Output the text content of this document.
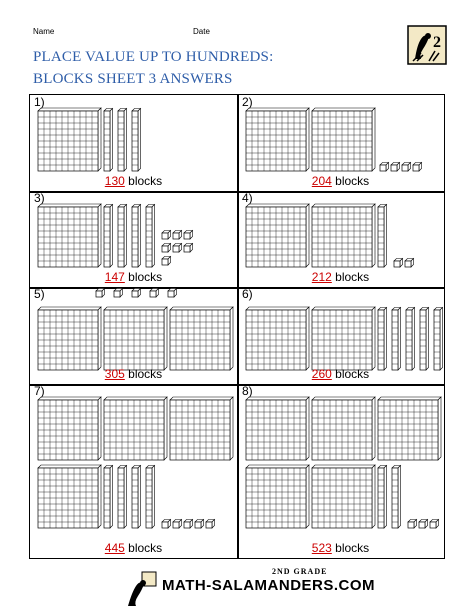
Name	Date
PLACE VALUE UP TO HUNDREDS:
BLOCKS SHEET 3 ANSWERS
2
1)
130 blocks
2)
204 blocks
3)
147 blocks
4)
212 blocks
5)
305 blocks
6)
260 blocks
7)
445 blocks
8)
523 blocks
2ND GRADE
MATH-SALAMANDERS.COM
